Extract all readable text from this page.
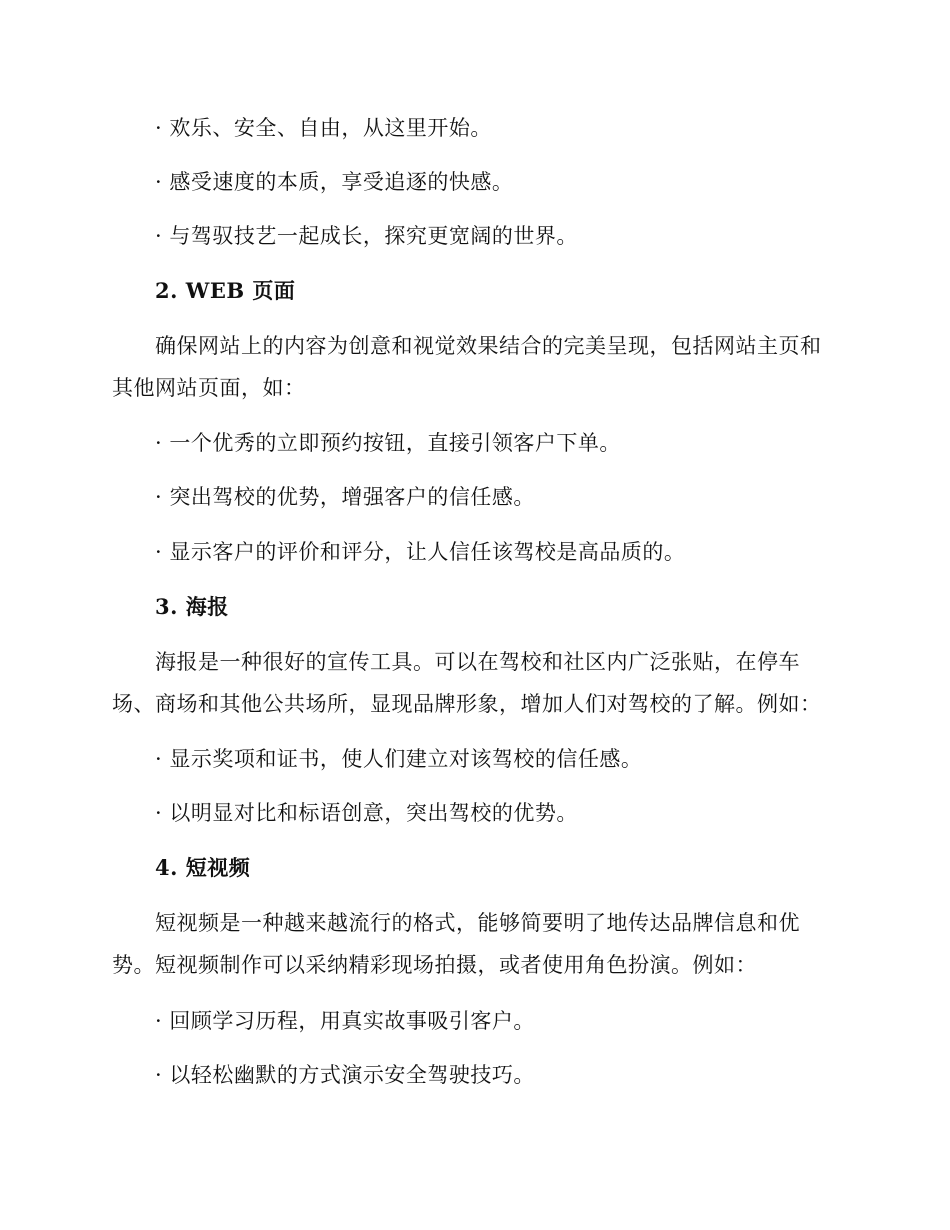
· 欢乐、安全、自由，从这里开始。
· 感受速度的本质，享受追逐的快感。
· 与驾驭技艺一起成长，探究更宽阔的世界。
2. WEB 页面
确保网站上的内容为创意和视觉效果结合的完美呈现，包括网站主页和
其他网站页面，如：
· 一个优秀的立即预约按钮，直接引领客户下单。
· 突出驾校的优势，增强客户的信任感。
· 显示客户的评价和评分，让人信任该驾校是高品质的。
3. 海报
海报是一种很好的宣传工具。可以在驾校和社区内广泛张贴，在停车
场、商场和其他公共场所，显现品牌形象，增加人们对驾校的了解。例如：
· 显示奖项和证书，使人们建立对该驾校的信任感。
· 以明显对比和标语创意，突出驾校的优势。
4. 短视频
短视频是一种越来越流行的格式，能够简要明了地传达品牌信息和优
势。短视频制作可以采纳精彩现场拍摄，或者使用角色扮演。例如：
· 回顾学习历程，用真实故事吸引客户。
· 以轻松幽默的方式演示安全驾驶技巧。
